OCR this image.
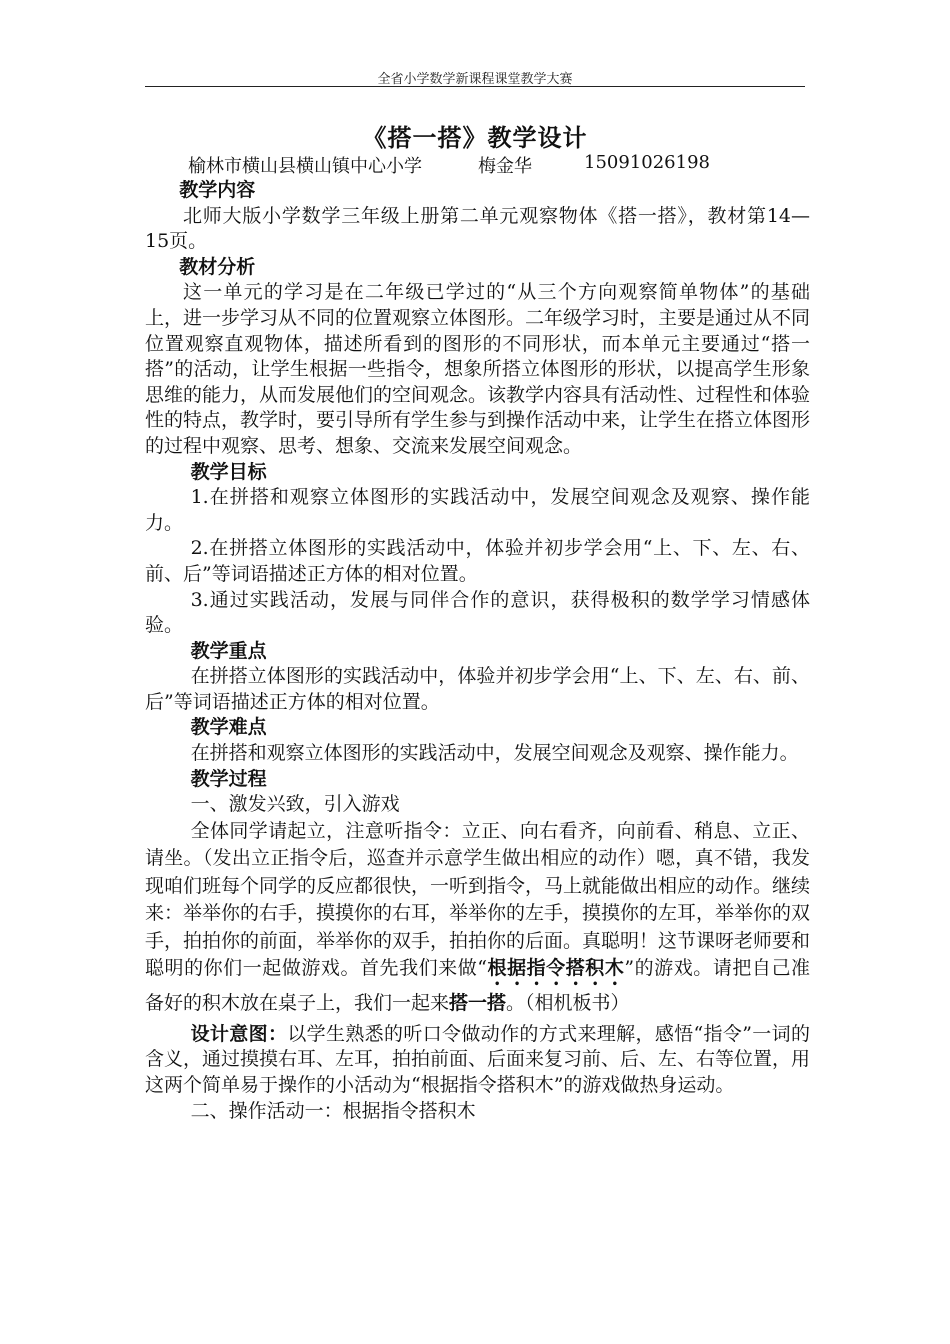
全省小学数学新课程课堂教学大赛
《搭一搭》教学设计
榆林市横山县横山镇中心小学	梅金华	15091026198

教学内容

北师大版小学数学三年级上册第二单元观察物体《搭一搭》，教材第14—15页。

教材分析

这一单元的学习是在二年级已学过的“从三个方向观察简单物体”的基础上，进一步学习从不同的位置观察立体图形。二年级学习时，主要是通过从不同位置观察直观物体，描述所看到的图形的不同形状，而本单元主要通过“搭一搭”的活动，让学生根据一些指令，想象所搭立体图形的形状，以提高学生形象思维的能力，从而发展他们的空间观念。该教学内容具有活动性、过程性和体验性的特点，教学时，要引导所有学生参与到操作活动中来，让学生在搭立体图形的过程中观察、思考、想象、交流来发展空间观念。

教学目标

1.在拼搭和观察立体图形的实践活动中，发展空间观念及观察、操作能力。

2.在拼搭立体图形的实践活动中，体验并初步学会用“上、下、左、右、前、后”等词语描述正方体的相对位置。

3.通过实践活动，发展与同伴合作的意识，获得极积的数学学习情感体验。

教学重点

在拼搭立体图形的实践活动中，体验并初步学会用“上、下、左、右、前、后”等词语描述正方体的相对位置。

教学难点

在拼搭和观察立体图形的实践活动中，发展空间观念及观察、操作能力。

教学过程

一、激发兴致，引入游戏

全体同学请起立，注意听指令：立正、向右看齐，向前看、稍息、立正、请坐。（发出立正指令后，巡查并示意学生做出相应的动作）嗯，真不错，我发现咱们班每个同学的反应都很快，一听到指令，马上就能做出相应的动作。继续来：举举你的右手，摸摸你的右耳，举举你的左手，摸摸你的左耳，举举你的双手，拍拍你的前面，举举你的双手，拍拍你的后面。真聪明！这节课呀老师要和聪明的你们一起做游戏。首先我们来做“根据指令搭积木”的游戏。请把自己准备好的积木放在桌子上，我们一起来搭一搭。（相机板书）

设计意图：以学生熟悉的听口令做动作的方式来理解，感悟“指令”一词的含义，通过摸摸右耳、左耳，拍拍前面、后面来复习前、后、左、右等位置，用这两个简单易于操作的小活动为“根据指令搭积木”的游戏做热身运动。

二、操作活动一：根据指令搭积木
